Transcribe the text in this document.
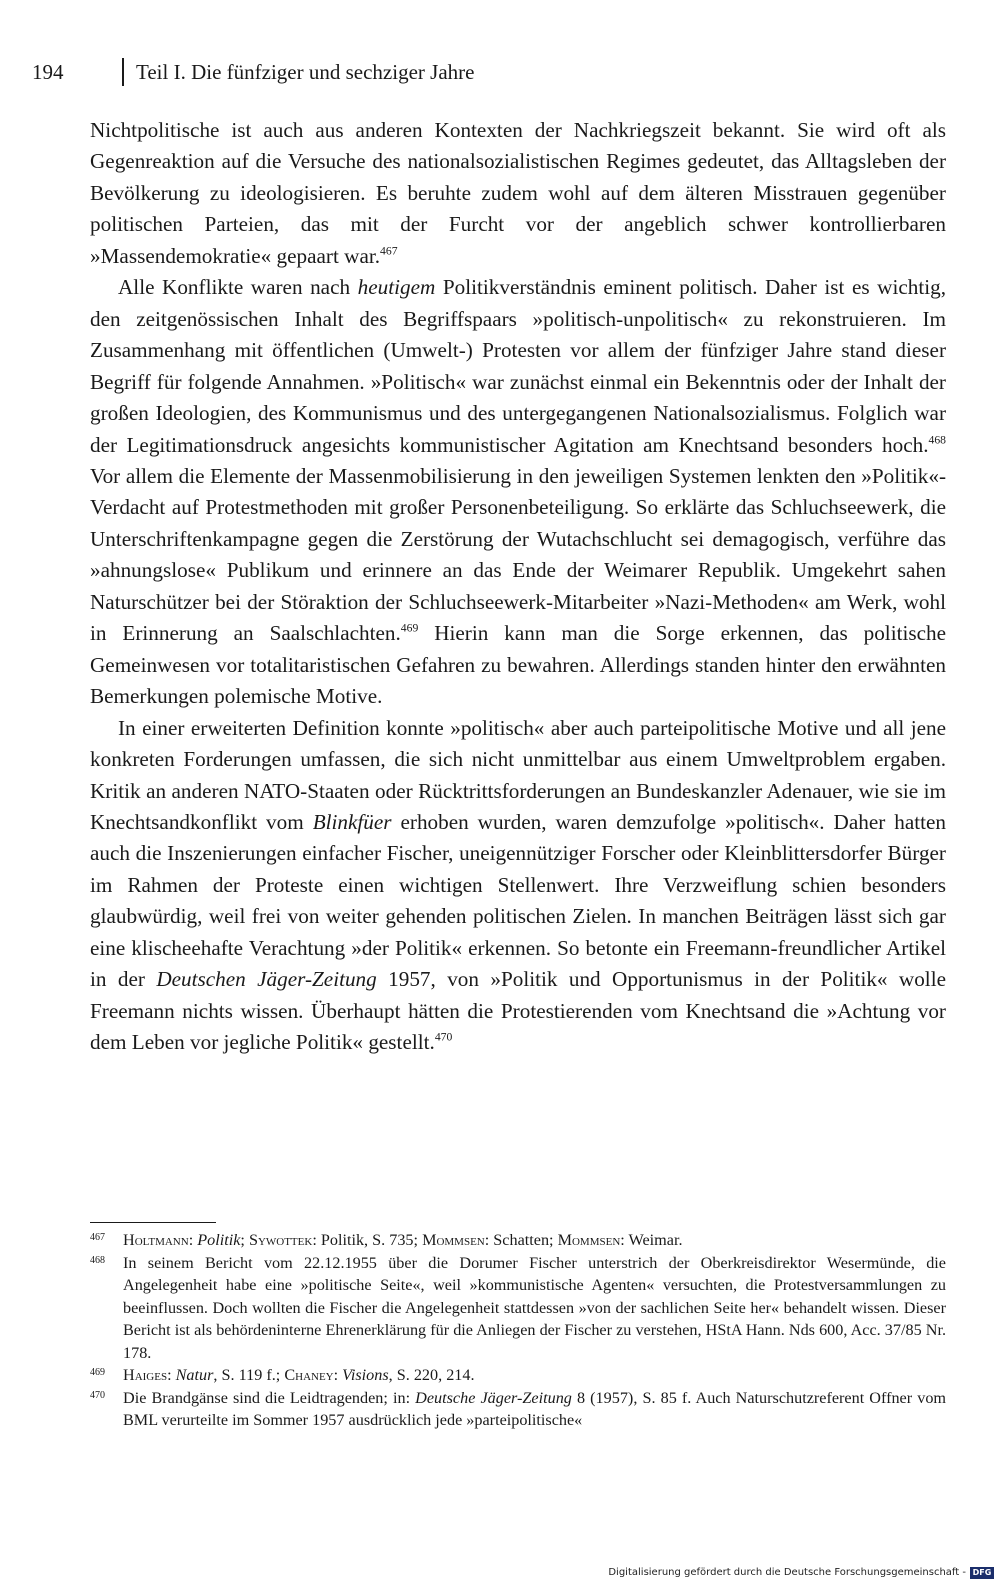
194	Teil I. Die fünfziger und sechziger Jahre

Nichtpolitische ist auch aus anderen Kontexten der Nachkriegszeit bekannt. Sie wird oft als Gegenreaktion auf die Versuche des nationalsozialistischen Regimes gedeutet, das Alltagsleben der Bevölkerung zu ideologisieren. Es beruhte zudem wohl auf dem älteren Misstrauen gegenüber politischen Parteien, das mit der Furcht vor der angeblich schwer kontrollierbaren »Massendemokratie« gepaart war.$^{467}$

Alle Konflikte waren nach heutigem Politikverständnis eminent politisch. Daher ist es wichtig, den zeitgenössischen Inhalt des Begriffspaars »politisch-unpolitisch« zu rekonstruieren. Im Zusammenhang mit öffentlichen (Umwelt-) Protesten vor allem der fünfziger Jahre stand dieser Begriff für folgende Annahmen. »Politisch« war zunächst einmal ein Bekenntnis oder der Inhalt der großen Ideologien, des Kommunismus und des untergegangenen Nationalsozialismus. Folglich war der Legitimationsdruck angesichts kommunistischer Agitation am Knechtsand besonders hoch.$^{468}$ Vor allem die Elemente der Massenmobilisierung in den jeweiligen Systemen lenkten den »Politik«-Verdacht auf Protestmethoden mit großer Personenbeteiligung. So erklärte das Schluchseewerk, die Unterschriftenkampagne gegen die Zerstörung der Wutachschlucht sei demagogisch, verführe das »ahnungslose« Publikum und erinnere an das Ende der Weimarer Republik. Umgekehrt sahen Naturschützer bei der Störaktion der Schluchseewerk-Mitarbeiter »Nazi-Methoden« am Werk, wohl in Erinnerung an Saalschlachten.$^{469}$ Hierin kann man die Sorge erkennen, das politische Gemeinwesen vor totalitaristischen Gefahren zu bewahren. Allerdings standen hinter den erwähnten Bemerkungen polemische Motive.

In einer erweiterten Definition konnte »politisch« aber auch parteipolitische Motive und all jene konkreten Forderungen umfassen, die sich nicht unmittelbar aus einem Umweltproblem ergaben. Kritik an anderen NATO-Staaten oder Rücktrittsforderungen an Bundeskanzler Adenauer, wie sie im Knechtsandkonflikt vom Blinkfüer erhoben wurden, waren demzufolge »politisch«. Daher hatten auch die Inszenierungen einfacher Fischer, uneigennütziger Forscher oder Kleinblittersdorfer Bürger im Rahmen der Proteste einen wichtigen Stellenwert. Ihre Verzweiflung schien besonders glaubwürdig, weil frei von weiter gehenden politischen Zielen. In manchen Beiträgen lässt sich gar eine klischeehafte Verachtung »der Politik« erkennen. So betonte ein Freemann-freundlicher Artikel in der Deutschen Jäger-Zeitung 1957, von »Politik und Opportunismus in der Politik« wolle Freemann nichts wissen. Überhaupt hätten die Protestierenden vom Knechtsand die »Achtung vor dem Leben vor jegliche Politik« gestellt.$^{470}$

467 Holtmann: Politik; Sywottek: Politik, S. 735; Mommsen: Schatten; Mommsen: Weimar.
468 In seinem Bericht vom 22.12.1955 über die Dorumer Fischer unterstrich der Oberkreisdirektor Wesermünde, die Angelegenheit habe eine »politische Seite«, weil »kommunistische Agenten« versuchten, die Protestversammlungen zu beeinflussen. Doch wollten die Fischer die Angelegenheit stattdessen »von der sachlichen Seite her« behandelt wissen. Dieser Bericht ist als behördeninterne Ehrenerklärung für die Anliegen der Fischer zu verstehen, HStA Hann. Nds 600, Acc. 37/85 Nr. 178.
469 Haiges: Natur, S. 119 f.; Chaney: Visions, S. 220, 214.
470 Die Brandgänse sind die Leidtragenden; in: Deutsche Jäger-Zeitung 8 (1957), S. 85 f. Auch Naturschutzreferent Offner vom BML verurteilte im Sommer 1957 ausdrücklich jede »parteipolitische«
Digitalisierung gefördert durch die Deutsche Forschungsgemeinschaft - DFG
